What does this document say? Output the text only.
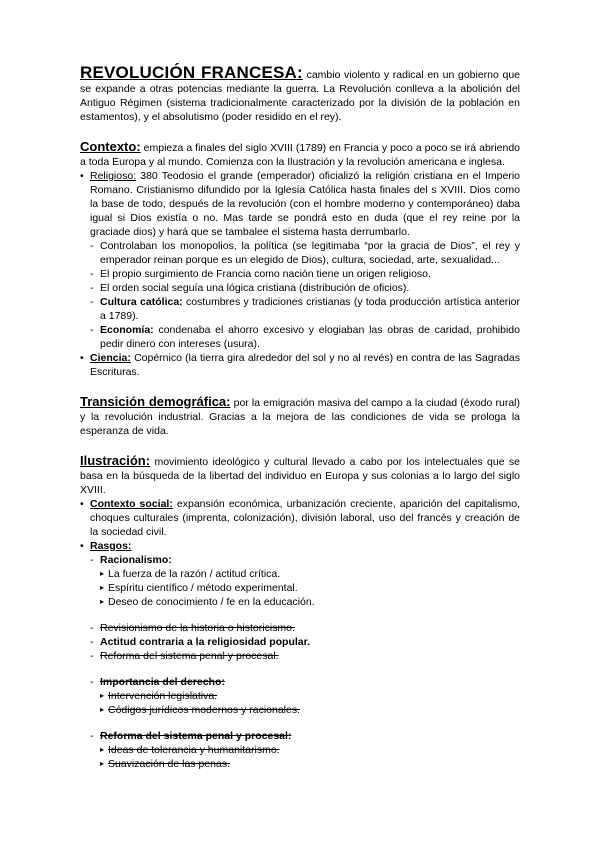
REVOLUCIÓN FRANCESA: cambio violento y radical en un gobierno que se expande a otras potencias mediante la guerra. La Revolución conlleva a la abolición del Antiguo Régimen (sistema tradicionalmente caracterizado por la división de la población en estamentos), y el absolutismo (poder residido en el rey).

Contexto: empieza a finales del siglo XVIII (1789) en Francia y poco a poco se irá abriendo a toda Europa y al mundo. Comienza con la Ilustración y la revolución americana e inglesa.

• Religioso: 380 Teodosio el grande (emperador) oficializó la religión cristiana en el Imperio Romano. Cristianismo difundido por la Iglesia Católica hasta finales del s XVIII. Dios como la base de todo, después de la revolución (con el hombre moderno y contemporáneo) daba igual si Dios existía o no. Mas tarde se pondrá esto en duda (que el rey reine por la graciade dios) y hará que se tambalee el sistema hasta derrumbarlo.

- Controlaban los monopolios, la política (se legitimaba “por la gracia de Dios”, el rey y emperador reinan porque es un elegido de Dios), cultura, sociedad, arte, sexualidad...

- El propio surgimiento de Francia como nación tiene un origen religioso.

- El orden social seguía una lógica cristiana (distribución de oficios).

- Cultura católica: costumbres y tradiciones cristianas (y toda producción artística anterior a 1789).

- Economía: condenaba el ahorro excesivo y elogiaban las obras de caridad, prohibido pedir dinero con intereses (usura).

• Ciencia: Copérnico (la tierra gira alrededor del sol y no al revés) en contra de las Sagradas Escrituras.

Transición demográfica: por la emigración masiva del campo a la ciudad (éxodo rural) y la revolución industrial. Gracias a la mejora de las condiciones de vida se prologa la esperanza de vida.

Ilustración: movimiento ideológico y cultural llevado a cabo por los intelectuales que se basa en la búsqueda de la libertad del individuo en Europa y sus colonias a lo largo del siglo XVIII.

• Contexto social: expansión económica, urbanización creciente, aparición del capitalismo, choques culturales (imprenta, colonización), división laboral, uso del francés y creación de la sociedad civil.

• Rasgos:

- Racionalismo:

▸ La fuerza de la razón / actitud crítica.

▸ Espíritu científico / método experimental.

▸ Deseo de conocimiento / fe en la educación.

- Revisionismo de la historia o historicismo.

- Actitud contraria a la religiosidad popular.

- Reforma del sistema penal y procesal.

- Importancia del derecho:

▸ Intervención legislativa.

▸ Códigos jurídicos modernos y racionales.

- Reforma del sistema penal y procesal:

▸ Ideas de tolerancia y humanitarismo.

▸ Suavización de las penas.
